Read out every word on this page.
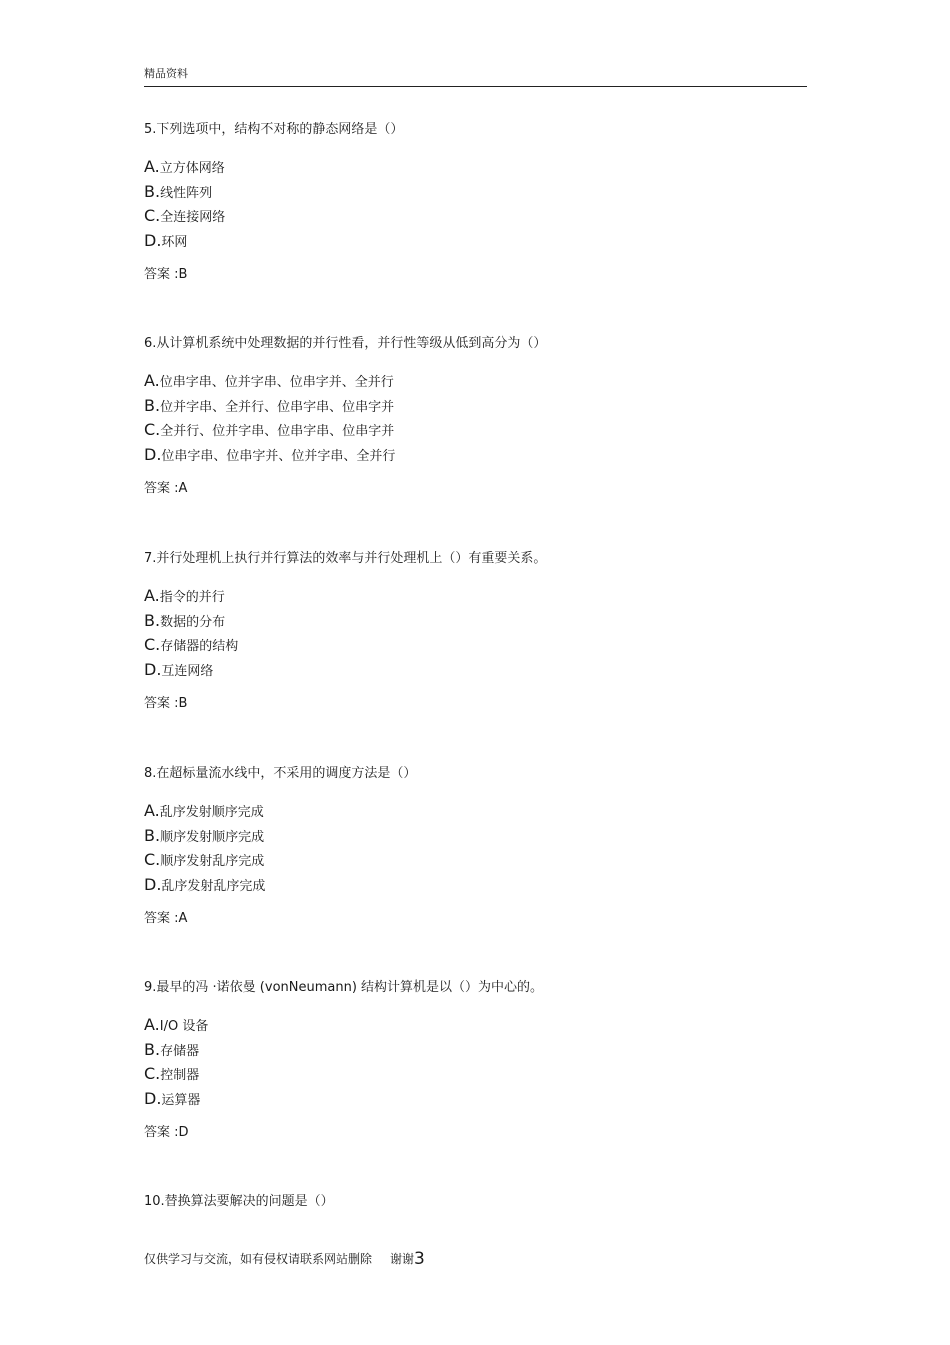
精品资料

5.下列选项中，结构不对称的静态网络是（）

A.立方体网络
B.线性阵列
C.全连接网络
D.环网
答案 :B

6.从计算机系统中处理数据的并行性看，并行性等级从低到高分为（）

A.位串字串、位并字串、位串字并、全并行
B.位并字串、全并行、位串字串、位串字并
C.全并行、位并字串、位串字串、位串字并
D.位串字串、位串字并、位并字串、全并行
答案 :A

7.并行处理机上执行并行算法的效率与并行处理机上（）有重要关系。

A.指令的并行
B.数据的分布
C.存储器的结构
D.互连网络
答案 :B

8.在超标量流水线中，不采用的调度方法是（）

A.乱序发射顺序完成
B.顺序发射顺序完成
C.顺序发射乱序完成
D.乱序发射乱序完成
答案 :A

9.最早的冯 ·诺依曼 (vonNeumann) 结构计算机是以（）为中心的。

A.I/O 设备
B.存储器
C.控制器
D.运算器
答案 :D

10.替换算法要解决的问题是（）

仅供学习与交流，如有侵权请联系网站删除 谢谢3
